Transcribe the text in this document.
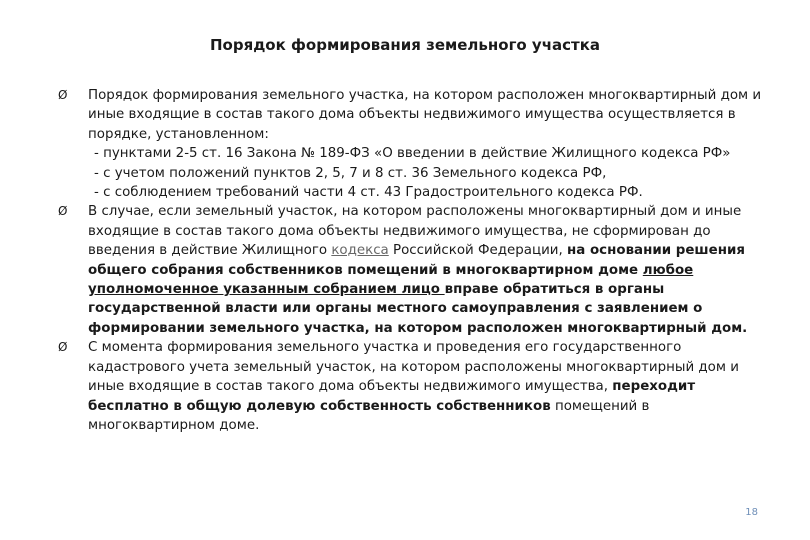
Порядок формирования земельного участка
Ø	Порядок формирования земельного участка, на котором расположен многоквартирный дом и иные входящие в состав такого дома объекты недвижимого имущества осуществляется в порядке, установленном:
- пунктами 2-5 ст. 16 Закона № 189-ФЗ «О введении в действие Жилищного кодекса РФ»
- с учетом положений пунктов 2, 5, 7 и 8 ст. 36 Земельного кодекса РФ,
- с соблюдением требований части 4 ст. 43 Градостроительного кодекса РФ.
Ø	В случае, если земельный участок, на котором расположены многоквартирный дом и иные входящие в состав такого дома объекты недвижимого имущества, не сформирован до введения в действие Жилищного кодекса Российской Федерации, на основании решения общего собрания собственников помещений в многоквартирном доме любое уполномоченное указанным собранием лицо вправе обратиться в органы государственной власти или органы местного самоуправления с заявлением о формировании земельного участка, на котором расположен многоквартирный дом.
Ø	С момента формирования земельного участка и проведения его государственного кадастрового учета земельный участок, на котором расположены многоквартирный дом и иные входящие в состав такого дома объекты недвижимого имущества, переходит бесплатно в общую долевую собственность собственников помещений в многоквартирном доме.
18
